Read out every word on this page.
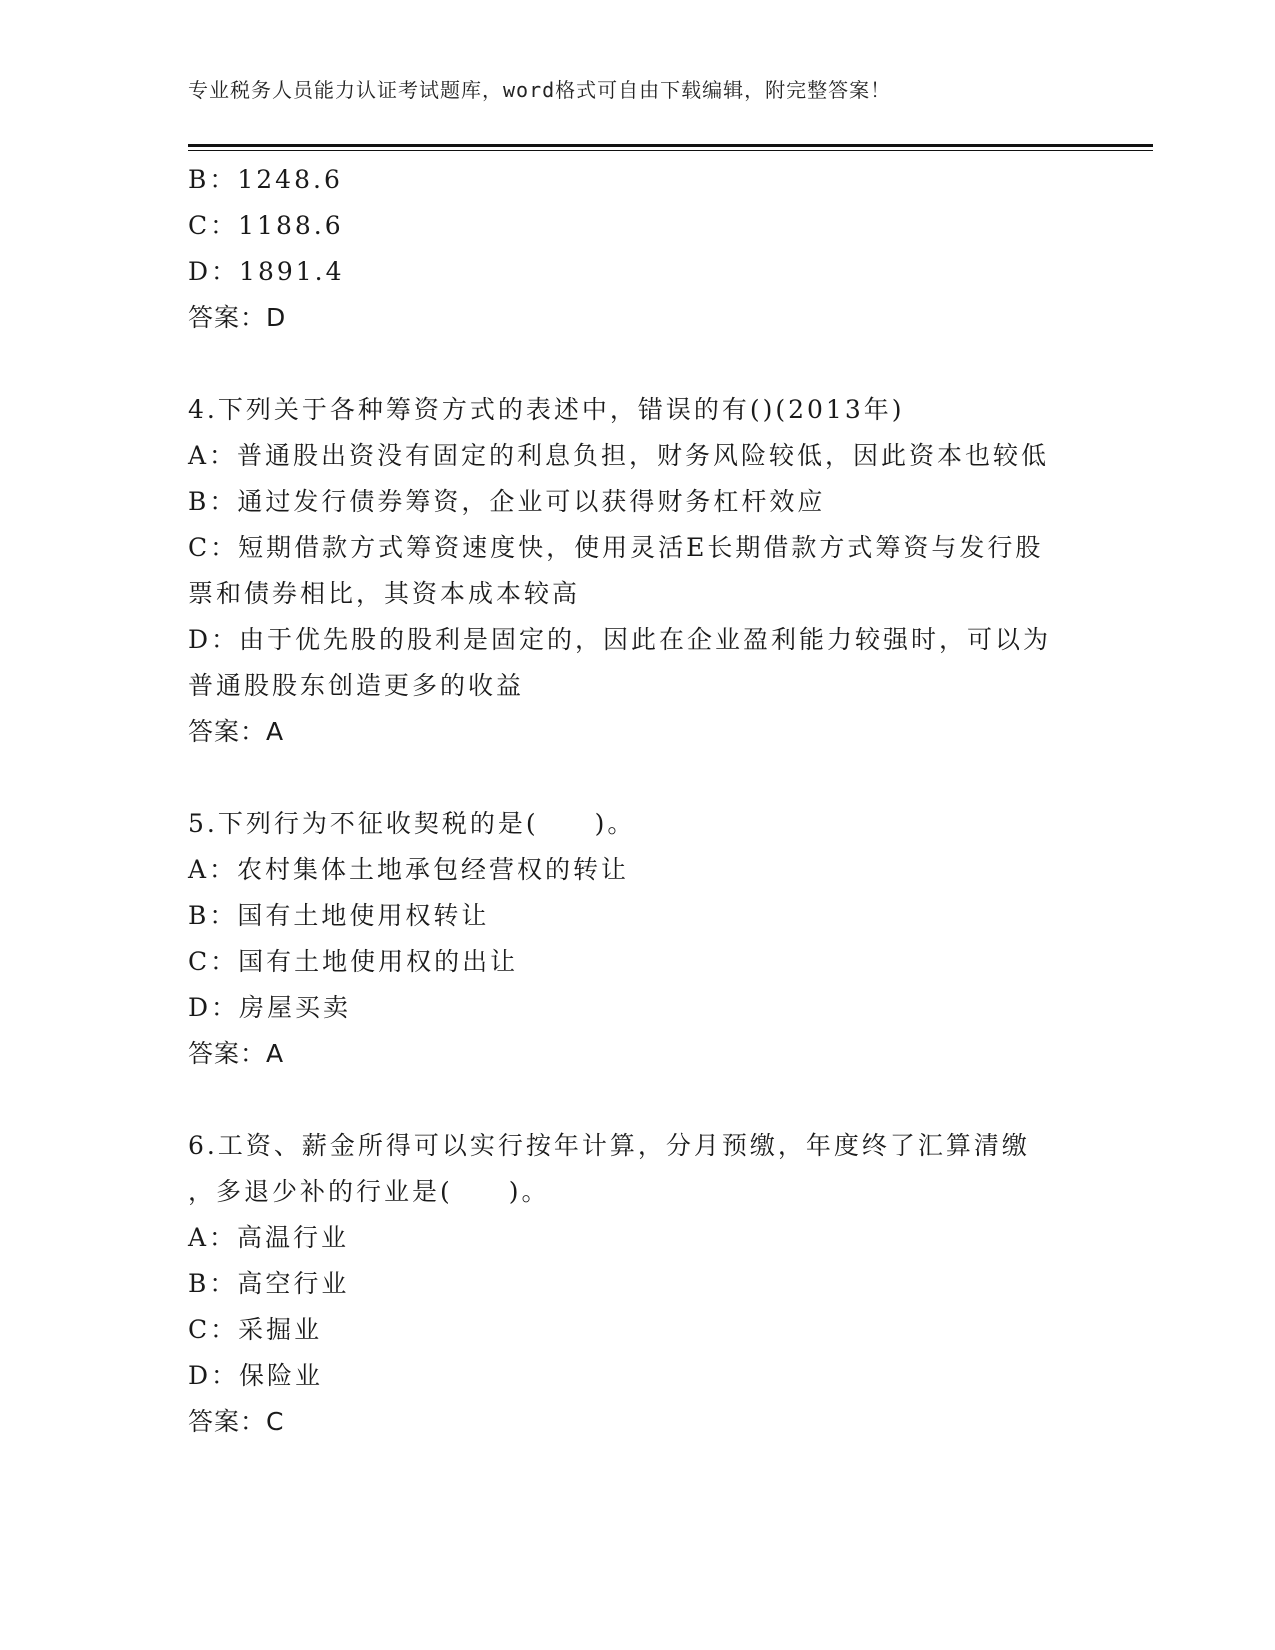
专业税务人员能力认证考试题库，word格式可自由下载编辑，附完整答案！
B：1248.6
C：1188.6
D：1891.4
答案：D
4.下列关于各种筹资方式的表述中，错误的有()(2013年)
A：普通股出资没有固定的利息负担，财务风险较低，因此资本也较低
B：通过发行债券筹资，企业可以获得财务杠杆效应
C：短期借款方式筹资速度快，使用灵活E长期借款方式筹资与发行股
票和债券相比，其资本成本较高
D：由于优先股的股利是固定的，因此在企业盈利能力较强时，可以为
普通股股东创造更多的收益
答案：A
5.下列行为不征收契税的是(　　)。
A：农村集体土地承包经营权的转让
B：国有土地使用权转让
C：国有土地使用权的出让
D：房屋买卖
答案：A
6.工资、薪金所得可以实行按年计算，分月预缴，年度终了汇算清缴
，多退少补的行业是(　　)。
A：高温行业
B：高空行业
C：采掘业
D：保险业
答案：C
